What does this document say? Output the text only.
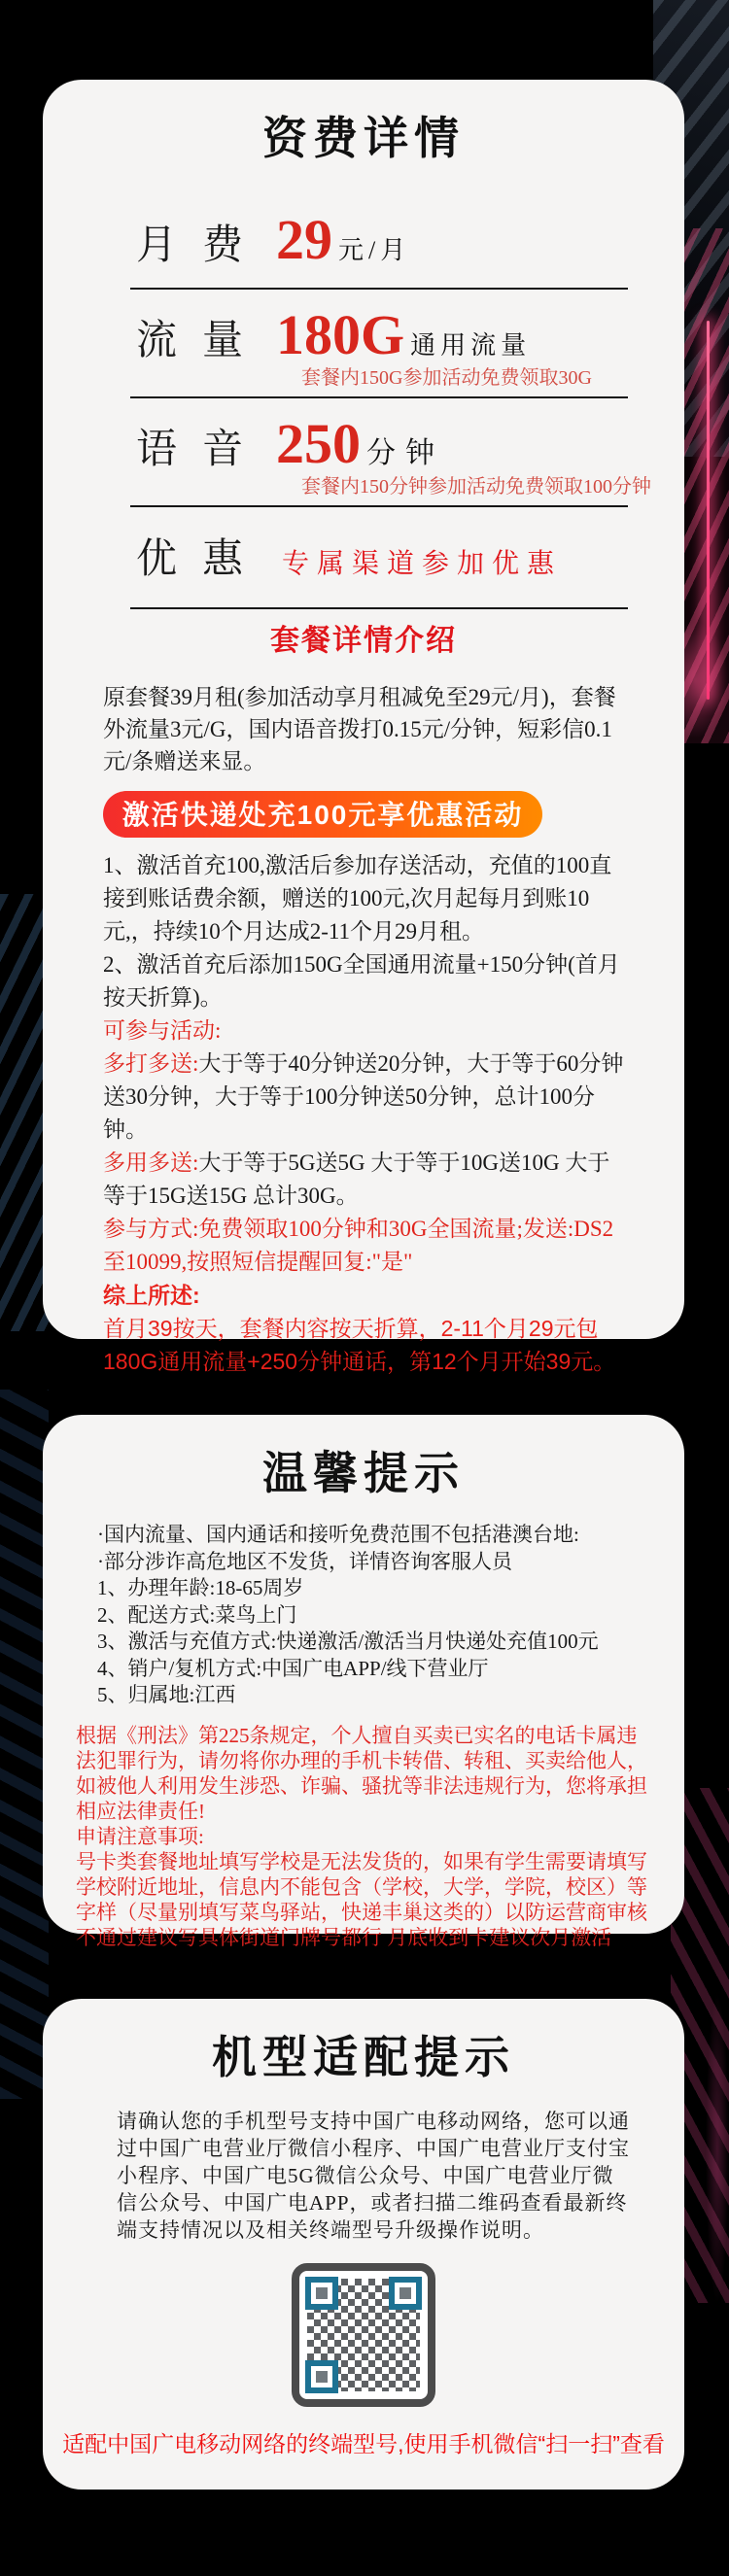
资费详情
月费 29 元/月
流量 180G 通用流量

套餐内150G参加活动免费领取30G

语音 250 分钟

套餐内150分钟参加活动免费领取100分钟

优惠 专属渠道参加优惠
套餐详情介绍

原套餐39月租(参加活动享月租减免至29元/月)，套餐外流量3元/G，国内语音拨打0.15元/分钟，短彩信0.1元/条赠送来显。

激活快递处充100元享优惠活动

1、激活首充100,激活后参加存送活动，充值的100直接到账话费余额，赠送的100元,次月起每月到账10元,，持续10个月达成2-11个月29月租。

2、激活首充后添加150G全国通用流量+150分钟(首月按天折算)。

可参与活动:

多打多送:大于等于40分钟送20分钟，大于等于60分钟送30分钟，大于等于100分钟送50分钟，总计100分钟。

多用多送:大于等于5G送5G 大于等于10G送10G 大于等于15G送15G 总计30G。

参与方式:免费领取100分钟和30G全国流量;发送:DS2至10099,按照短信提醒回复:"是"

综上所述:

首月39按天，套餐内容按天折算，2-11个月29元包180G通用流量+250分钟通话，第12个月开始39元。

温馨提示

·国内流量、国内通话和接听免费范围不包括港澳台地:

·部分涉诈高危地区不发货，详情咨询客服人员

1、办理年龄:18-65周岁

2、配送方式:菜鸟上门

3、激活与充值方式:快递激活/激活当月快递处充值100元

4、销户/复机方式:中国广电APP/线下营业厅

5、归属地:江西

根据《刑法》第225条规定，个人擅自买卖已实名的电话卡属违法犯罪行为，请勿将你办理的手机卡转借、转租、买卖给他人，如被他人利用发生涉恐、诈骗、骚扰等非法违规行为，您将承担相应法律责任!

申请注意事项:

号卡类套餐地址填写学校是无法发货的，如果有学生需要请填写学校附近地址，信息内不能包含（学校，大学，学院，校区）等字样（尽量别填写菜鸟驿站，快递丰巢这类的）以防运营商审核不通过建议写具体街道门牌号都行 月底收到卡建议次月激活

机型适配提示
请确认您的手机型号支持中国广电移动网络，您可以通过中国广电营业厅微信小程序、中国广电营业厅支付宝小程序、中国广电5G微信公众号、中国广电营业厅微信公众号、中国广电APP，或者扫描二维码查看最新终端支持情况以及相关终端型号升级操作说明。

适配中国广电移动网络的终端型号,使用手机微信“扫一扫”查看
